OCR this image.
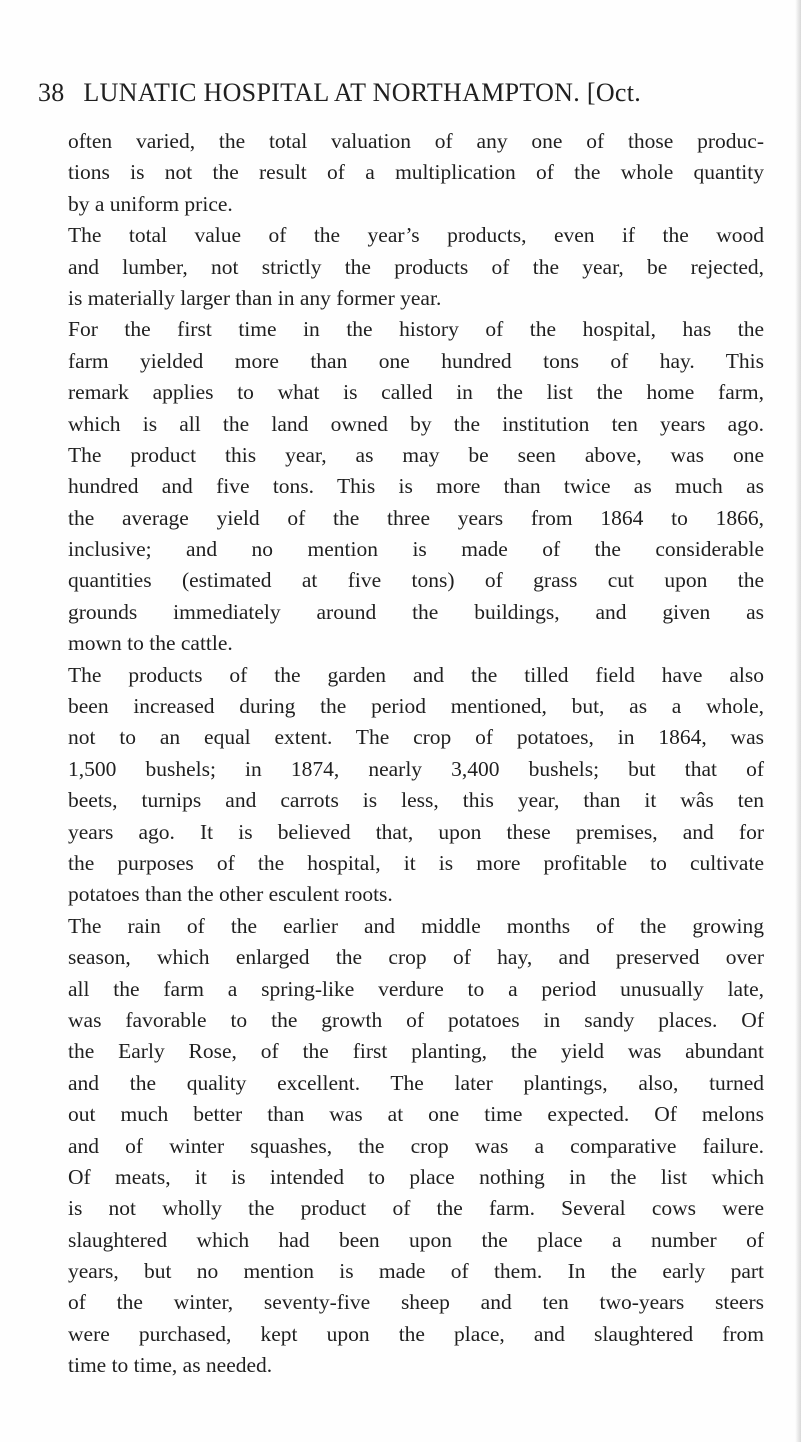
38 LUNATIC HOSPITAL AT NORTHAMPTON. [Oct.
often varied, the total valuation of any one of those produc-
tions is not the result of a multiplication of the whole quantity
by a uniform price.
The total value of the year’s products, even if the wood
and lumber, not strictly the products of the year, be rejected,
is materially larger than in any former year.
For the first time in the history of the hospital, has the
farm yielded more than one hundred tons of hay. This
remark applies to what is called in the list the home farm,
which is all the land owned by the institution ten years ago.
The product this year, as may be seen above, was one
hundred and five tons. This is more than twice as much as
the average yield of the three years from 1864 to 1866,
inclusive; and no mention is made of the considerable
quantities (estimated at five tons) of grass cut upon the
grounds immediately around the buildings, and given as
mown to the cattle.
The products of the garden and the tilled field have also
been increased during the period mentioned, but, as a whole,
not to an equal extent. The crop of potatoes, in 1864, was
1,500 bushels; in 1874, nearly 3,400 bushels; but that of
beets, turnips and carrots is less, this year, than it wâs ten
years ago. It is believed that, upon these premises, and for
the purposes of the hospital, it is more profitable to cultivate
potatoes than the other esculent roots.
The rain of the earlier and middle months of the growing
season, which enlarged the crop of hay, and preserved over
all the farm a spring-like verdure to a period unusually late,
was favorable to the growth of potatoes in sandy places. Of
the Early Rose, of the first planting, the yield was abundant
and the quality excellent. The later plantings, also, turned
out much better than was at one time expected. Of melons
and of winter squashes, the crop was a comparative failure.
Of meats, it is intended to place nothing in the list which
is not wholly the product of the farm. Several cows were
slaughtered which had been upon the place a number of
years, but no mention is made of them. In the early part
of the winter, seventy-five sheep and ten two-years steers
were purchased, kept upon the place, and slaughtered from
time to time, as needed.
